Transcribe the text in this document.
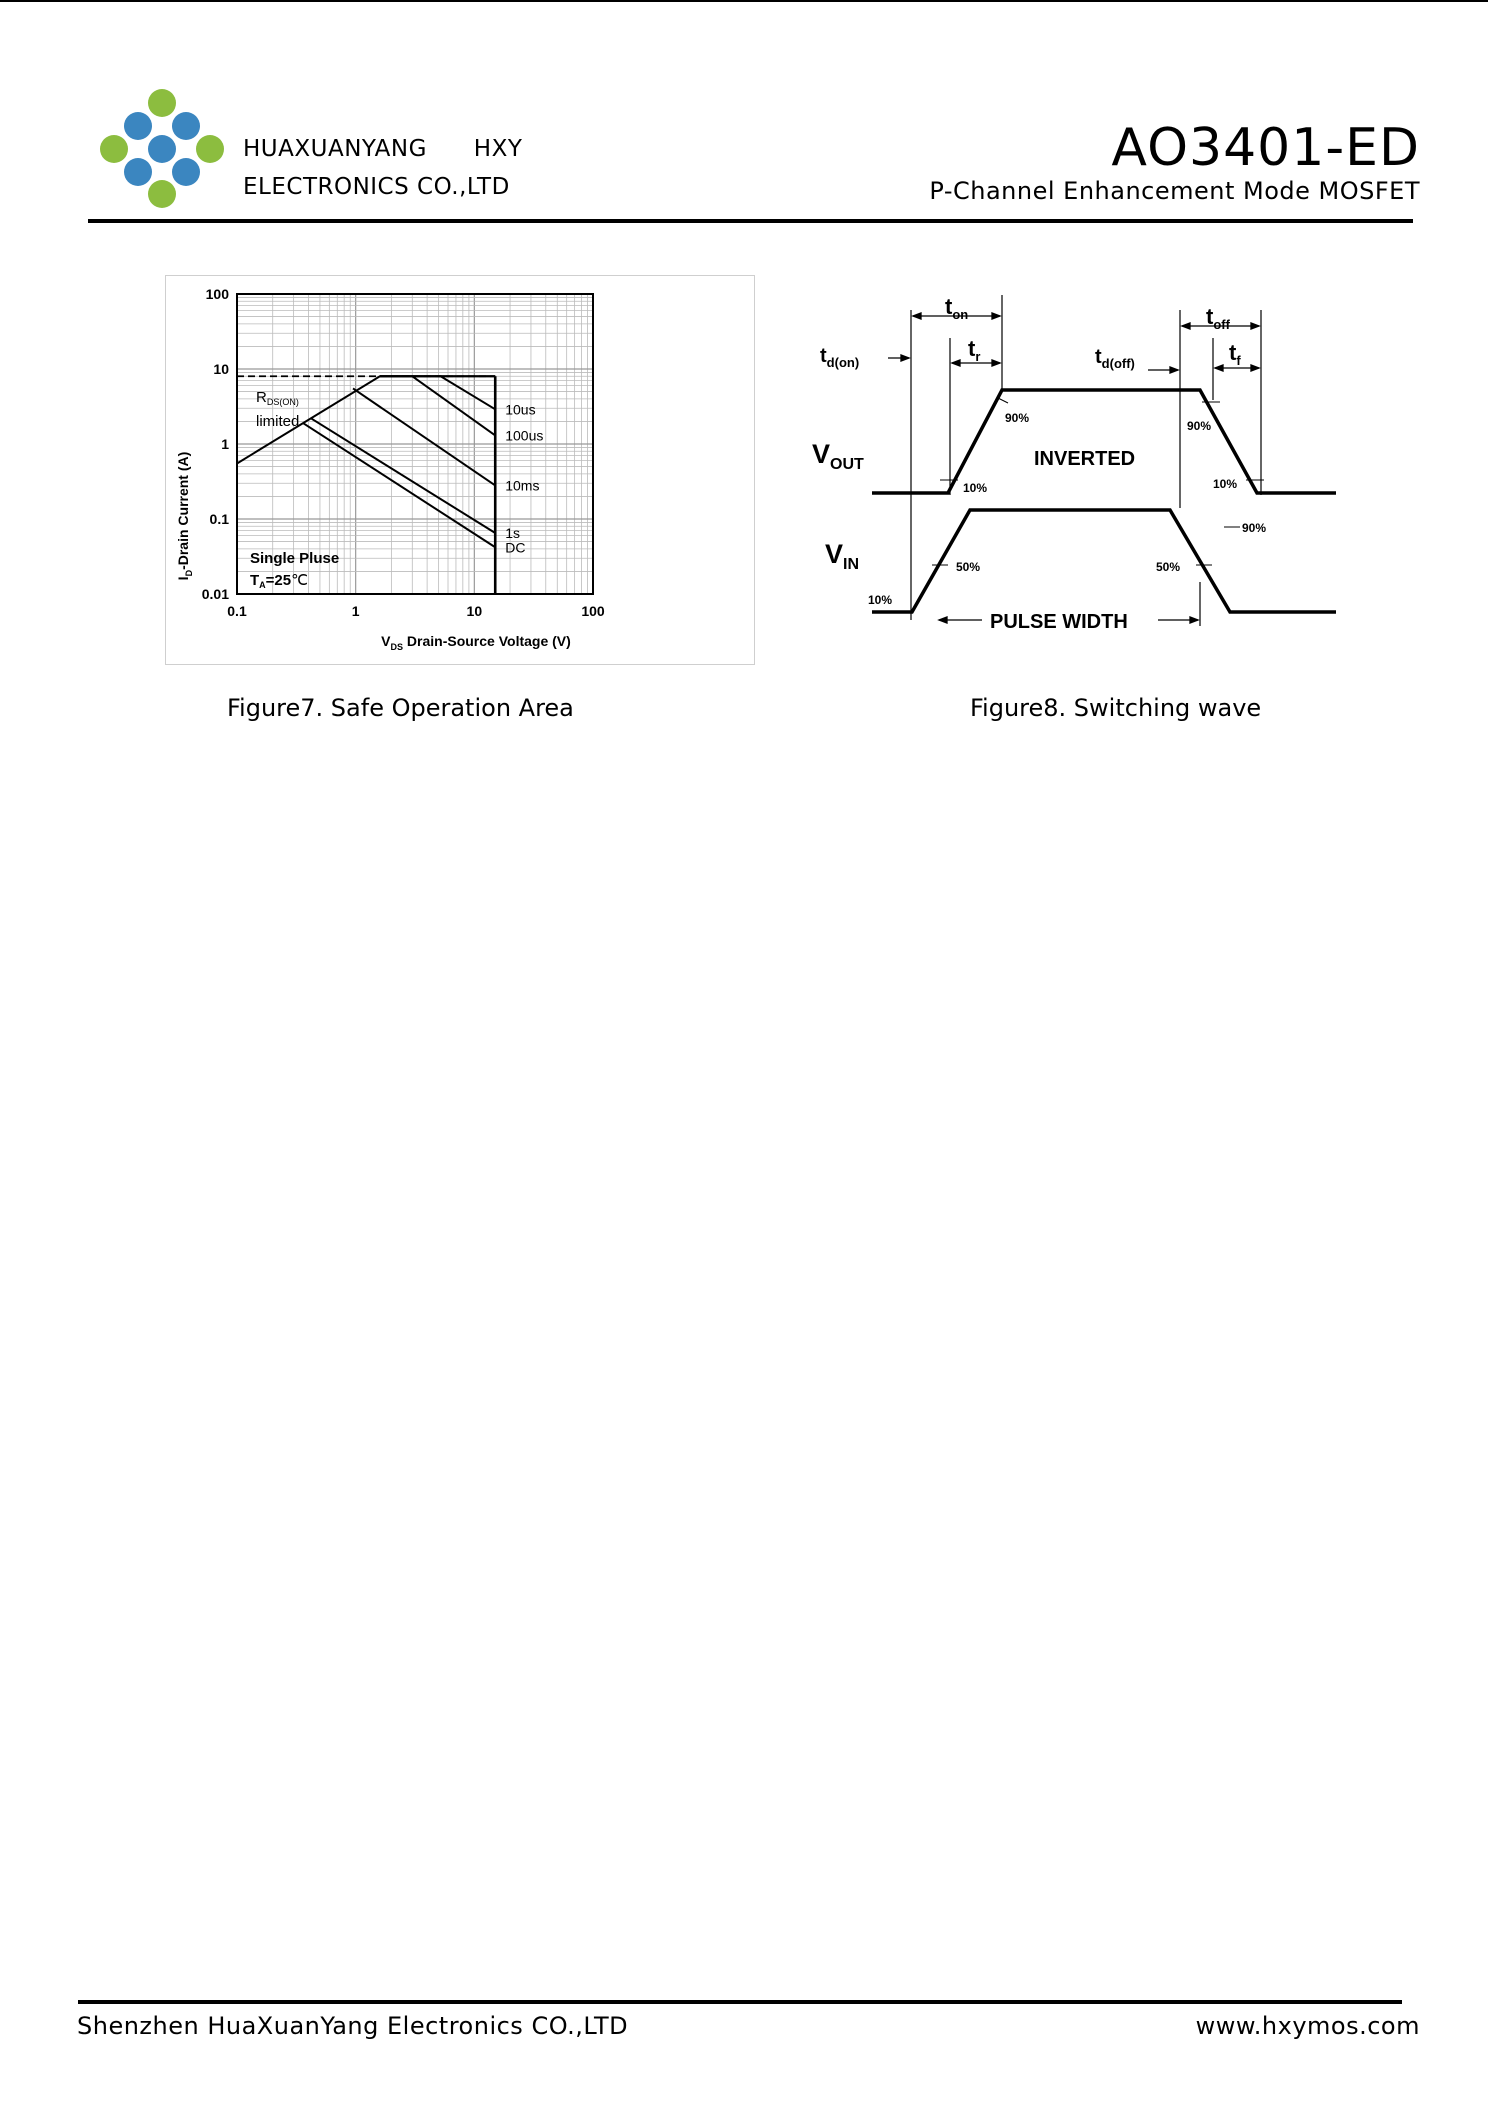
HUAXUANYANG      HXY
ELECTRONICS CO.,LTD
AO3401-ED
P-Channel Enhancement Mode MOSFET
0.1	1	10	100
0.01
0.1
1
10
100
10us
100us
10ms
1s
DC
$I_D$-Drain Current (A)
$V_{DS}$ Drain-Source Voltage (V)
$R_{DS(ON)}$
limited
Single Pluse
$T_A=25℃$
$t_{on}$
$t_r$
$t_{off}$
$t_f$
$t_{d(on)}$	$t_{d(off)}$
$V_{OUT}$
$V_{IN}$
INVERTED
PULSE WIDTH
90%
10%
90%
10%
10%
50%
90%
50%
Figure7. Safe Operation Area	Figure8. Switching wave
Shenzhen HuaXuanYang Electronics CO.,LTD	www.hxymos.com
